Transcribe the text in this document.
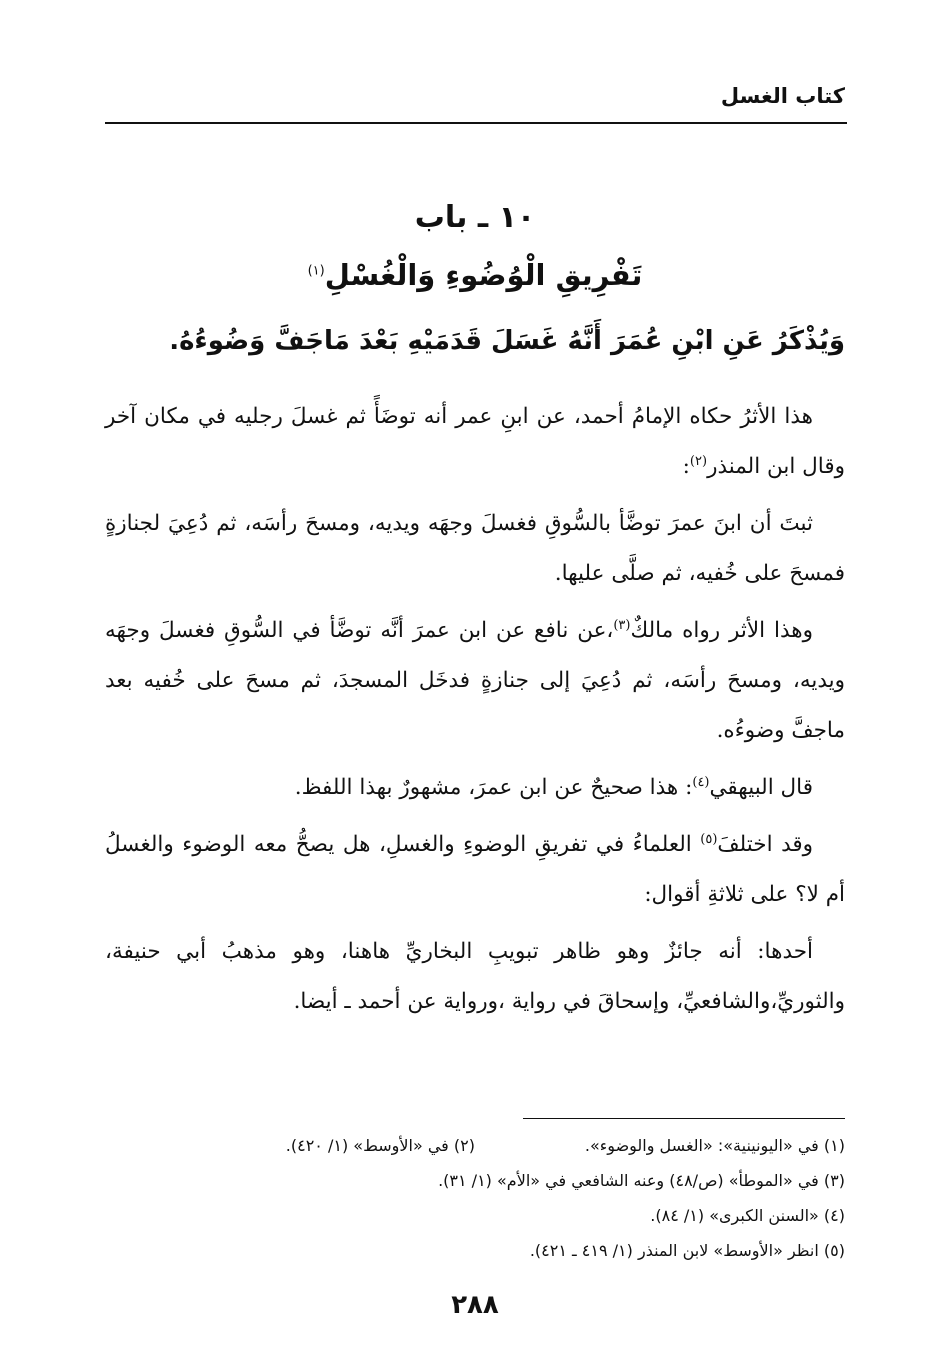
كتاب الغسل
١٠ ـ باب
تَفْرِيقِ الْوُضُوءِ وَالْغُسْلِ$^{(١)}$
وَيُذْكَرُ عَنِ ابْنِ عُمَرَ أَنَّهُ غَسَلَ قَدَمَيْهِ بَعْدَ مَاجَفَّ وَضُوءُهُ.

هذا الأثرُ حكاه الإمامُ أحمد، عن ابنِ عمر أنه توضَأً ثم غسلَ رجليه في مكان آخر وقال ابن المنذر$^{(٢)}$:

ثبتَ أن ابنَ عمرَ توضَّأ بالسُّوقِ فغسلَ وجهَه ويديه، ومسحَ رأسَه، ثم دُعِيَ لجنازةٍ فمسحَ على خُفيه، ثم صلَّى عليها.

وهذا الأثر رواه مالكٌ$^{(٣)}$،عن نافع عن ابن عمرَ أنَّه توضَّأ في السُّوقِ فغسلَ وجهَه ويديه، ومسحَ رأسَه، ثم دُعِيَ إلى جنازةٍ فدخَل المسجدَ، ثم مسحَ على خُفيه بعد ماجفَّ وضوءُه.

قال البيهقي$^{(٤)}$: هذا صحيحٌ عن ابن عمرَ، مشهورٌ بهذا اللفظ.

وقد اختلفَ$^{(٥)}$ العلماءُ في تفريقِ الوضوءِ والغسلِ، هل يصحُّ معه الوضوء والغسلُ أم لا؟ على ثلاثةِ أقوال:

أحدها: أنه جائزٌ وهو ظاهر تبويبِ البخاريِّ هاهنا، وهو مذهبُ أبي حنيفة، والثوريِّ،والشافعيِّ، وإسحاقَ في رواية ،ورواية عن أحمد ـ أيضا.

(١) في «اليونينية»: «الغسل والوضوء».
(٢) في «الأوسط» (١/ ٤٢٠).
(٣) في «الموطأ» (ص/٤٨) وعنه الشافعي في «الأم» (١/ ٣١).
(٤) «السنن الكبرى» (١/ ٨٤).
(٥) انظر «الأوسط» لابن المنذر (١/ ٤١٩ ـ ٤٢١).
٢٨٨
